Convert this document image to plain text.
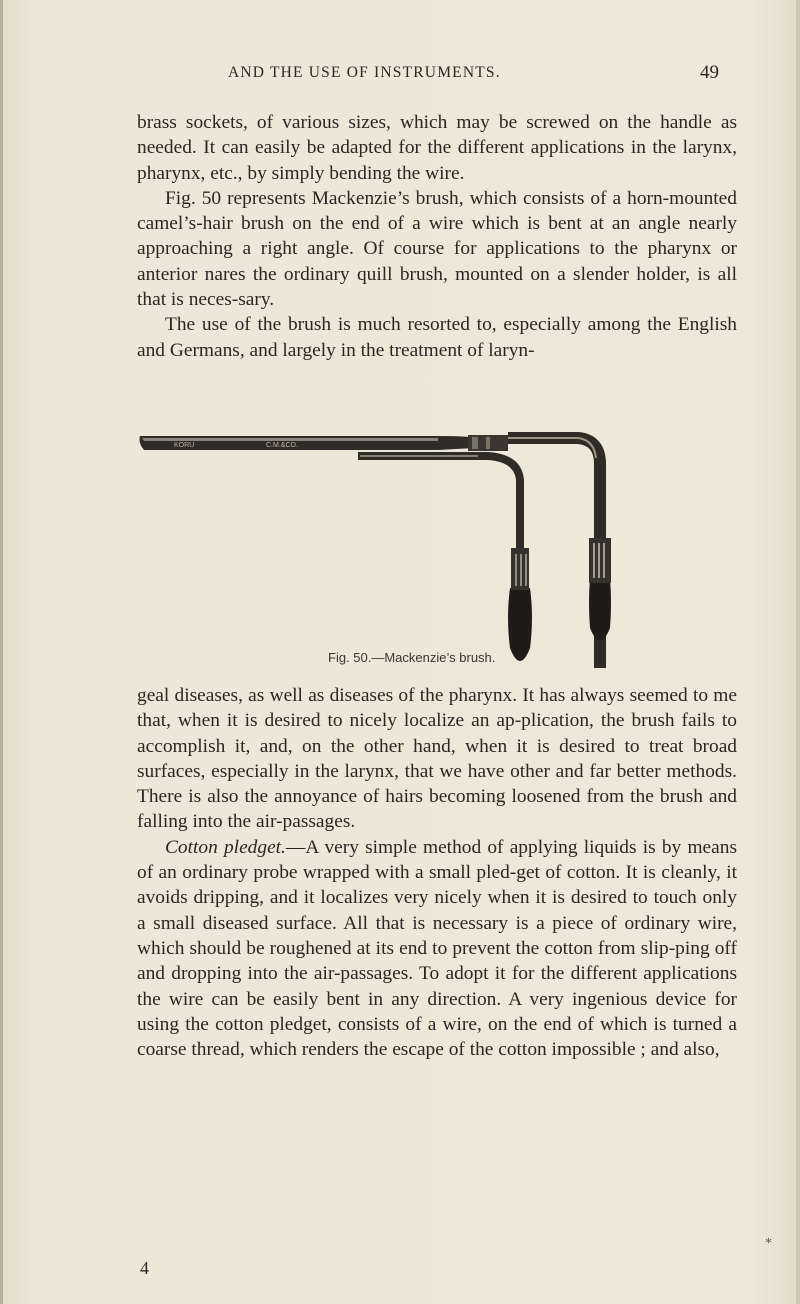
AND THE USE OF INSTRUMENTS.	49

brass sockets, of various sizes, which may be screwed on the handle as needed. It can easily be adapted for the different applications in the larynx, pharynx, etc., by simply bending the wire.

Fig. 50 represents Mackenzie’s brush, which consists of a horn-mounted camel’s-hair brush on the end of a wire which is bent at an angle nearly approaching a right angle. Of course for applications to the pharynx or anterior nares the ordinary quill brush, mounted on a slender holder, is all that is neces-sary.

The use of the brush is much resorted to, especially among the English and Germans, and largely in the treatment of laryn-

KORU	C.M.&CO.
Fig. 50.—Mackenzie’s brush.

geal diseases, as well as diseases of the pharynx. It has always seemed to me that, when it is desired to nicely localize an ap-plication, the brush fails to accomplish it, and, on the other hand, when it is desired to treat broad surfaces, especially in the larynx, that we have other and far better methods. There is also the annoyance of hairs becoming loosened from the brush and falling into the air-passages.

Cotton pledget.—A very simple method of applying liquids is by means of an ordinary probe wrapped with a small pled-get of cotton. It is cleanly, it avoids dripping, and it localizes very nicely when it is desired to touch only a small diseased surface. All that is necessary is a piece of ordinary wire, which should be roughened at its end to prevent the cotton from slip-ping off and dropping into the air-passages. To adopt it for the different applications the wire can be easily bent in any direction. A very ingenious device for using the cotton pledget, consists of a wire, on the end of which is turned a coarse thread, which renders the escape of the cotton impossible ; and also,

4
*
